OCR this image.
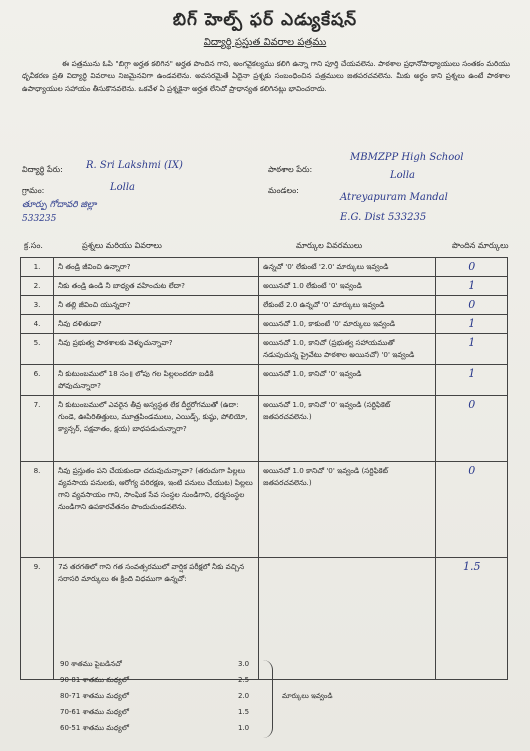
బిగ్ హెల్ప్ ఫర్ ఎడ్యుకేషన్
విద్యార్థి ప్రస్తుత వివరాల పత్రము
ఈ పత్రమును ఓపి "బిగ్గా అర్హత కలిగిన" అర్హత పొందిన గాని, అంగవైకల్యము కలిగి ఉన్నా గాని పూర్తి చేయవలెను. పాఠశాల ప్రధానోపాధ్యాయులు సంతకం మరియు ధృవీకరణ ప్రతి విద్యార్థి వివరాలు నిజమైనవిగా ఉండవలెను. అవసరమైతే ఏదైనా ప్రశ్నకు సంబంధించిన పత్రములు జతపరచవలెను. మీకు అర్థం కాని ప్రశ్నలు ఉంటే పాఠశాల ఉపాధ్యాయుల సహాయం తీసుకొనవలెను. ఒకవేళ ఏ ప్రశ్నకైనా అర్హత లేనిచో ప్రాధాన్యత కలిగినట్లు భావించరాదు.
విద్యార్థి పేరు: R. Sri Lakshmi (IX)	పాఠశాల పేరు:
MBMZPP High School
Lolla
గ్రామం:	Lolla	మండలం:
Atreyapuram Mandal
తూర్పు గోదావరి జిల్లా
533235	E.G. Dist 533235
క్ర.సం.	ప్రశ్నలు మరియు వివరాలు	మార్కుల వివరములు	పొందిన మార్కులు
1.	నీ తండ్రి జీవించి ఉన్నారా?	ఉన్నచో '0' లేకుంటే '2.0' మార్కులు ఇవ్వండి	0
2.	నీకు తండ్రి ఉండి నీ బాధ్యత వహించుట లేదా?	అయినచో 1.0 లేకుంటే '0' ఇవ్వండి	1
3.	నీ తల్లి జీవించి యున్నదా?	లేకుంటే 2.0 ఉన్నచో '0' మార్కులు ఇవ్వండి	0
4.	నీవు దళితుడా?	అయినచో 1.0, కాకుంటే '0' మార్కులు ఇవ్వండి	1
5.	నీవు ప్రభుత్వ పాఠశాలకు వెళ్ళుచున్నావా?	అయినచో 1.0, కానిచో (ప్రభుత్వ సహాయముతో నడుపుచున్న ప్రైవేటు పాఠశాల అయినచో) '0' ఇవ్వండి	1
6.	నీ కుటుంబములో 18 సం॥ లోపు గల పిల్లలందరూ బడికి పోవుచున్నారా?	అయినచో 1.0, కానిచో '0' ఇవ్వండి	1
7.	నీ కుటుంబములో ఎవరైన తీవ్ర అస్వస్థత లేక దీర్ఘరోగముతో (ఉదా: గుండె, ఊపిరితిత్తులు, మూత్రపిండములు, ఎయిడ్స్, కుష్ఠు, పోలియో, క్యాన్సర్, పక్షవాతం, క్షయ) బాధపడుచున్నారా?	అయినచో 1.0, కానిచో '0' ఇవ్వండి (సర్టిఫికెట్ జతపరచవలెను.)	0
8.	నీవు ప్రస్తుతం పని చేయకుండా చదువుచున్నావా? (తరుచుగా పిల్లలు వ్యవసాయ పనులకు, ఆరోగ్య పరిరక్షణ, ఇంటి పనులు చేయుట) పిల్లలు గాని వ్యవసాయం గాని, సాంఘిక సేవ సంస్థల నుండిగాని, ధర్మసంస్థల నుండిగాని ఉపకారవేతనం పొందుచుండవలెను.	అయినచో 1.0 కానిచో '0' ఇవ్వండి (సర్టిఫికెట్ జతపరచవలెను.)	0
9.	7వ తరగతిలో గాని గత సంవత్సరములో వార్షిక పరీక్షలో నీకు వచ్చిన సరాసరి మార్కులు ఈ క్రింది విధముగా ఉన్నచో:		1.5
90 శాతము పైబడినచో	3.0
90-81 శాతము మధ్యలో	2.5
80-71 శాతము మధ్యలో	2.0
70-61 శాతము మధ్యలో	1.5
60-51 శాతము మధ్యలో	1.0
మార్కులు ఇవ్వండి
